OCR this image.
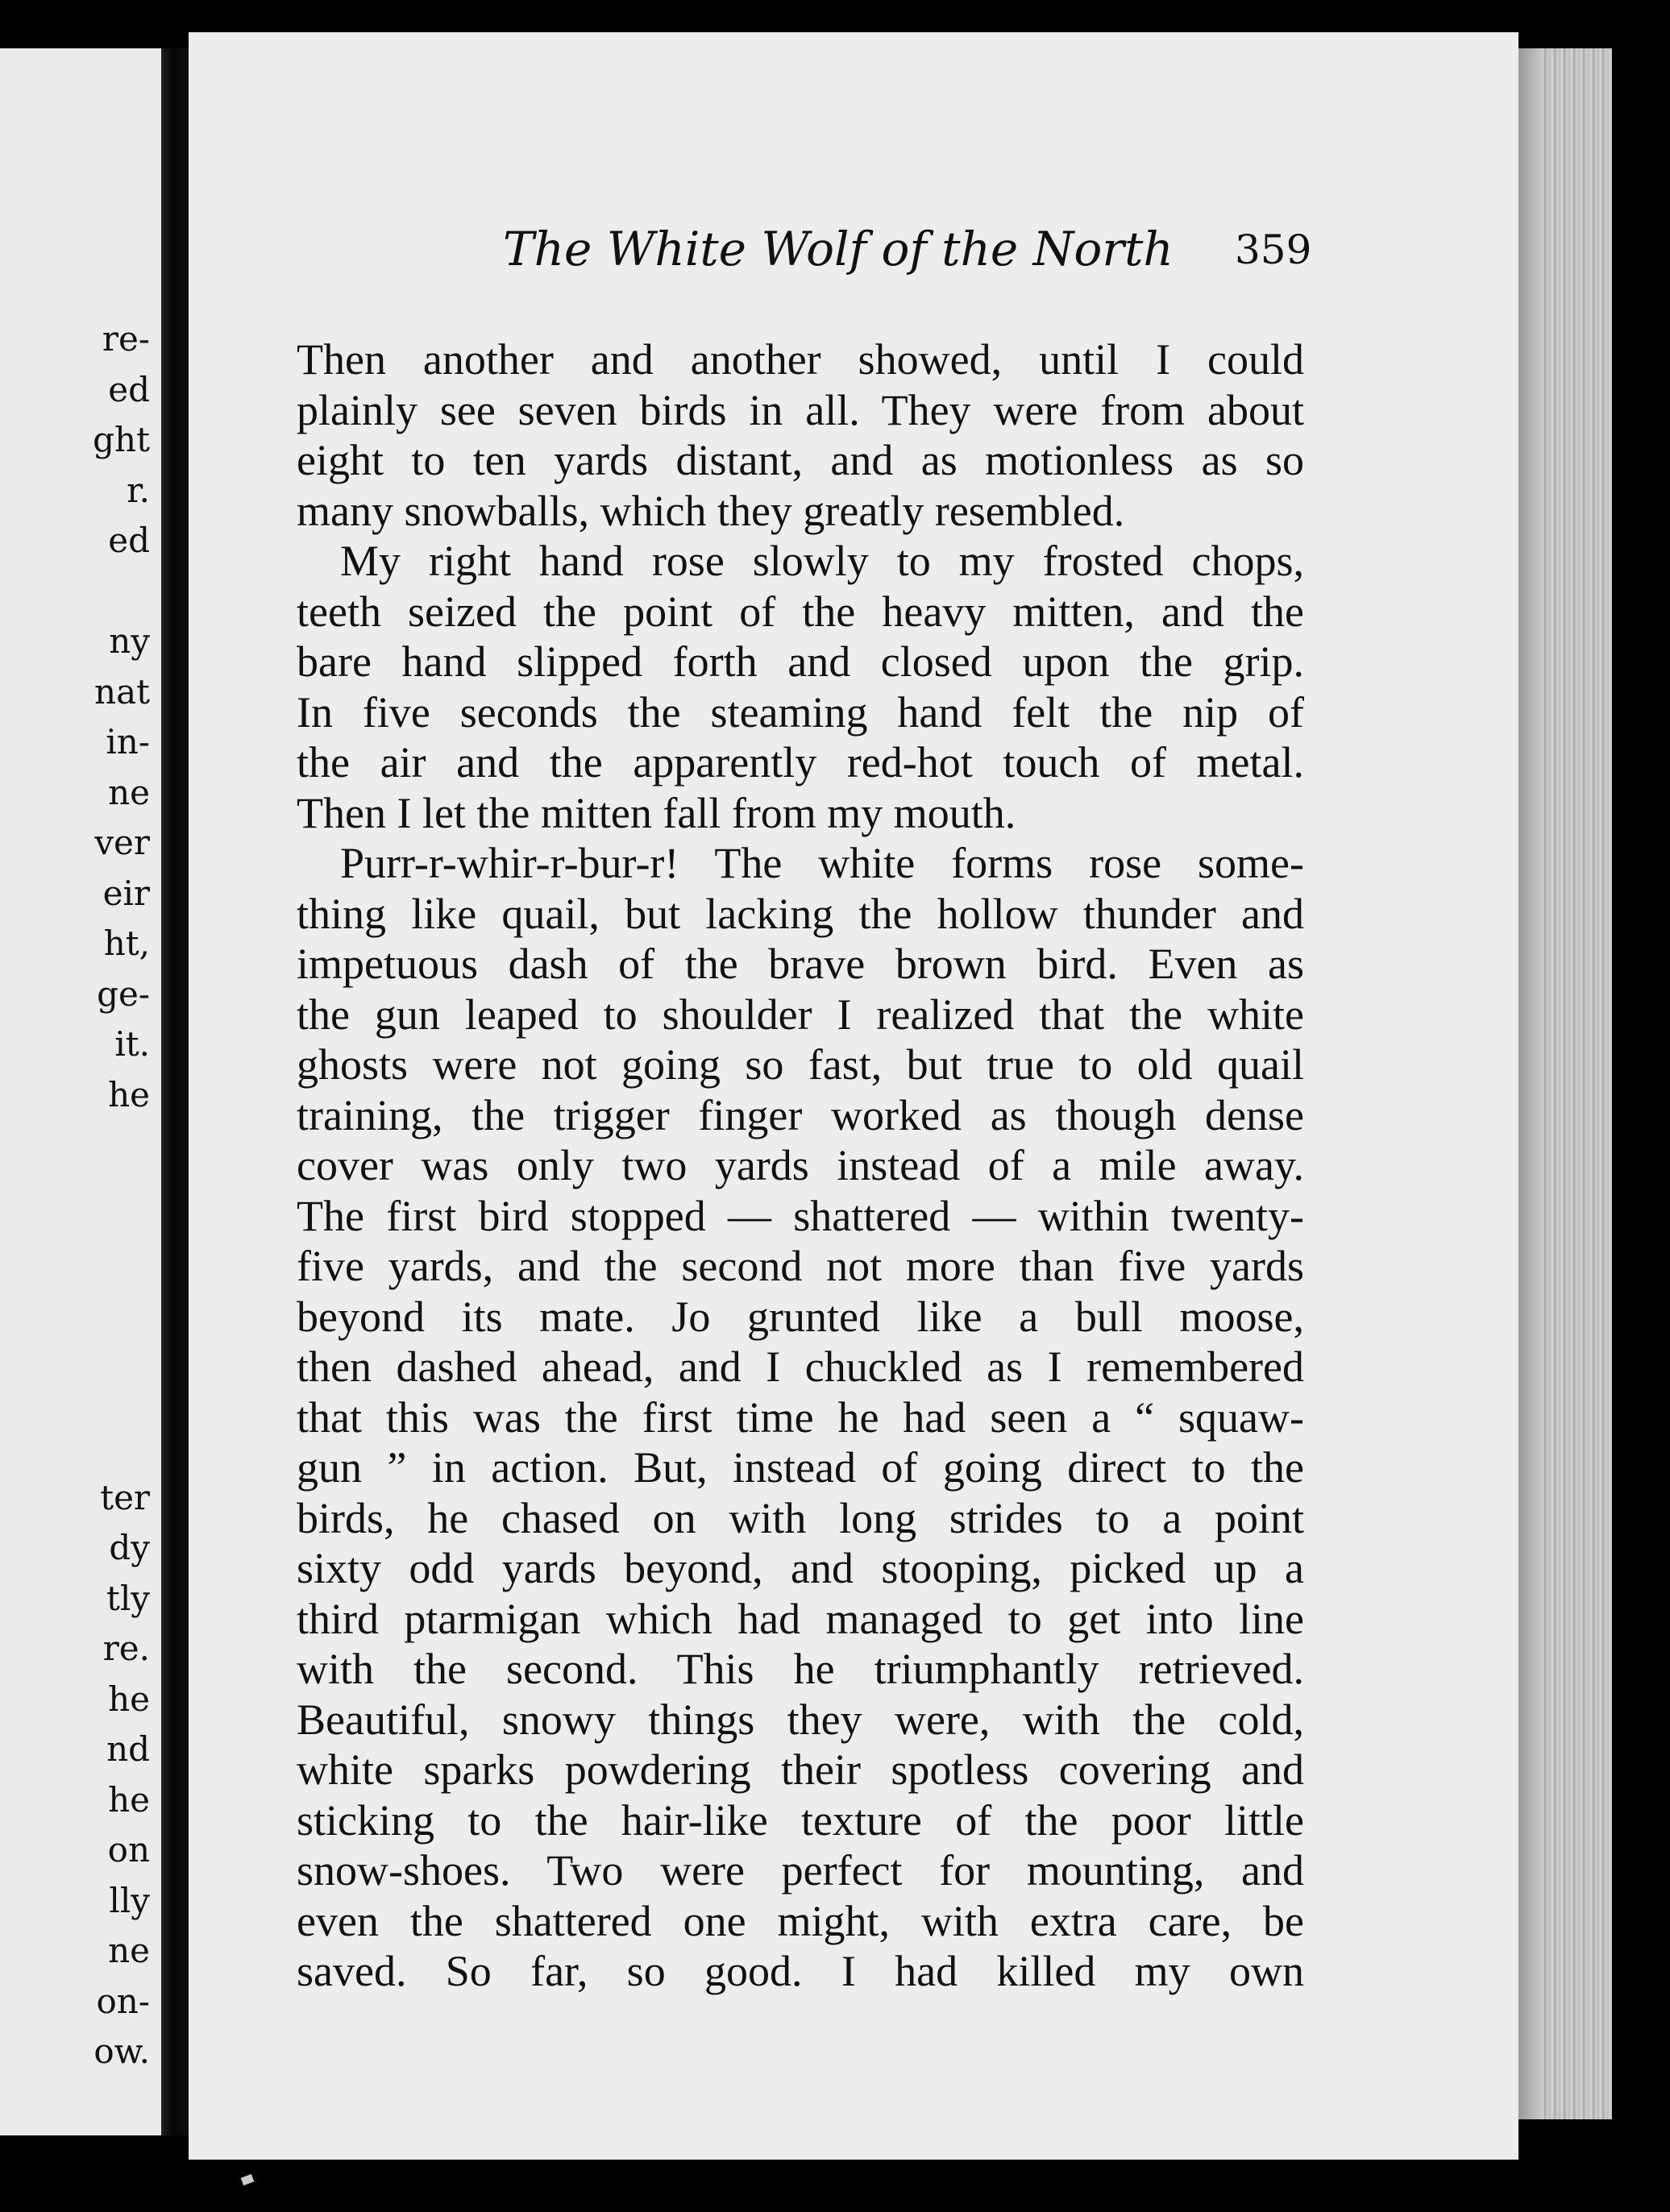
re-
ed
ght
r.
ed
ny
nat
in-
ne
ver
eir
ht,
ge-
it.
he
ter
dy
tly
re.
he
nd
he
on
lly
ne
on-
ow.
The White Wolf of the North 359
Then another and another showed, until I could
plainly see seven birds in all. They were from about
eight to ten yards distant, and as motionless as so
many snowballs, which they greatly resembled.
My right hand rose slowly to my frosted chops,
teeth seized the point of the heavy mitten, and the
bare hand slipped forth and closed upon the grip.
In five seconds the steaming hand felt the nip of
the air and the apparently red-hot touch of metal.
Then I let the mitten fall from my mouth.
Purr-r-whir-r-bur-r! The white forms rose some-
thing like quail, but lacking the hollow thunder and
impetuous dash of the brave brown bird. Even as
the gun leaped to shoulder I realized that the white
ghosts were not going so fast, but true to old quail
training, the trigger finger worked as though dense
cover was only two yards instead of a mile away.
The first bird stopped — shattered — within twenty-
five yards, and the second not more than five yards
beyond its mate. Jo grunted like a bull moose,
then dashed ahead, and I chuckled as I remembered
that this was the first time he had seen a “ squaw-
gun ” in action. But, instead of going direct to the
birds, he chased on with long strides to a point
sixty odd yards beyond, and stooping, picked up a
third ptarmigan which had managed to get into line
with the second. This he triumphantly retrieved.
Beautiful, snowy things they were, with the cold,
white sparks powdering their spotless covering and
sticking to the hair-like texture of the poor little
snow-shoes. Two were perfect for mounting, and
even the shattered one might, with extra care, be
saved. So far, so good. I had killed my own
